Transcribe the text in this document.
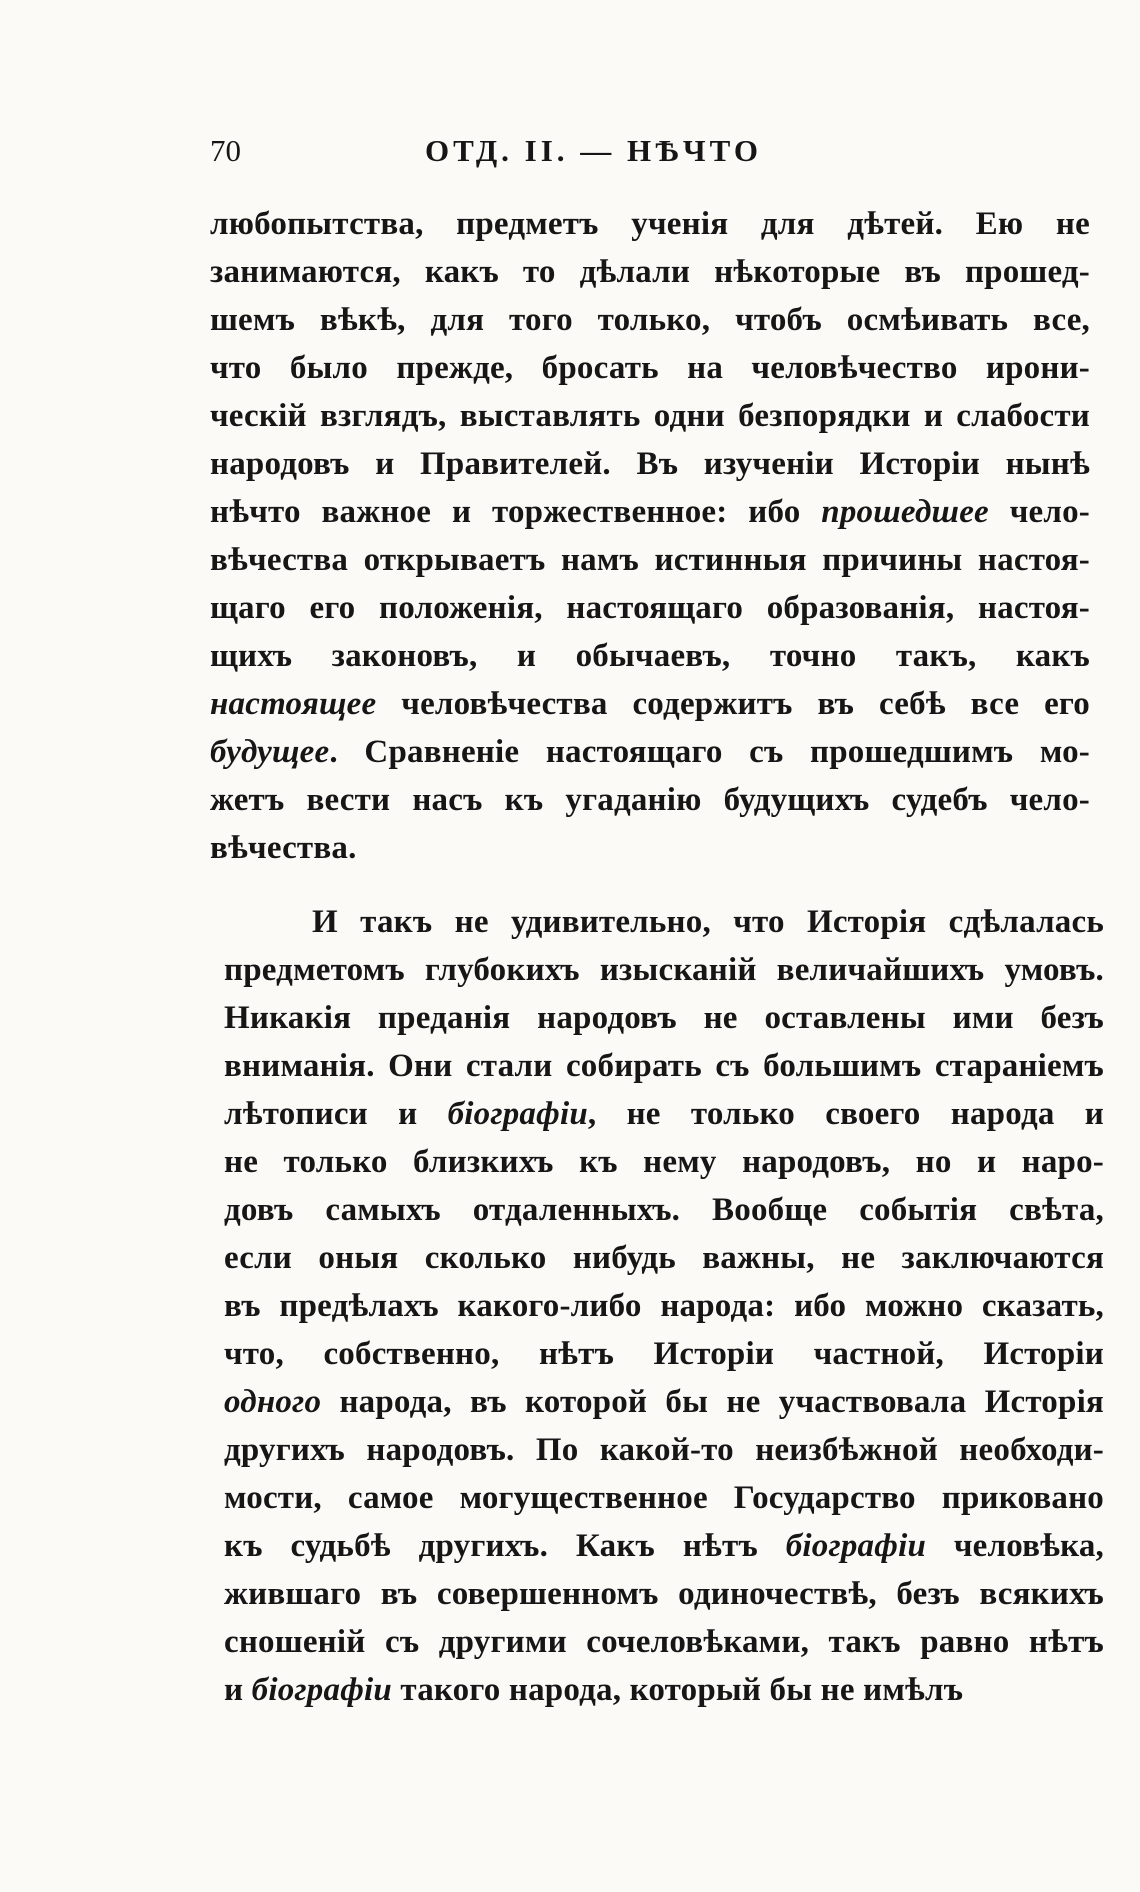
70	ОТД. II. — НѢЧТО
любопытства, предметъ ученія для дѣтей. Ею не
занимаются, какъ то дѣлали нѣкоторые въ прошед-
шемъ вѣкѣ, для того только, чтобъ осмѣивать все,
что было прежде, бросать на человѣчество ирони-
ческій взглядъ, выставлять одни безпорядки и слабости
народовъ и Правителей. Въ изученіи Исторіи нынѣ
нѣчто важное и торжественное: ибо прошедшее чело-
вѣчества открываетъ намъ истинныя причины настоя-
щаго его положенія, настоящаго образованія, настоя-
щихъ законовъ, и обычаевъ, точно такъ, какъ
настоящее человѣчества содержитъ въ себѣ все его
будущее. Сравненіе настоящаго съ прошедшимъ мо-
жетъ вести насъ къ угаданію будущихъ судебъ чело-
вѣчества.
И такъ не удивительно, что Исторія сдѣлалась
предметомъ глубокихъ изысканій величайшихъ умовъ.
Никакія преданія народовъ не оставлены ими безъ
вниманія. Они стали собирать съ большимъ стараніемъ
лѣтописи и біографіи, не только своего народа и
не только близкихъ къ нему народовъ, но и наро-
довъ самыхъ отдаленныхъ. Вообще событія свѣта,
если оныя сколько нибудь важны, не заключаются
въ предѣлахъ какого-либо народа: ибо можно сказать,
что, собственно, нѣтъ Исторіи частной, Исторіи
одного народа, въ которой бы не участвовала Исторія
другихъ народовъ. По какой-то неизбѣжной необходи-
мости, самое могущественное Государство приковано
къ судьбѣ другихъ. Какъ нѣтъ біографіи человѣка,
жившаго въ совершенномъ одиночествѣ, безъ всякихъ
сношеній съ другими сочеловѣками, такъ равно нѣтъ
и біографіи такого народа, который бы не имѣлъ
